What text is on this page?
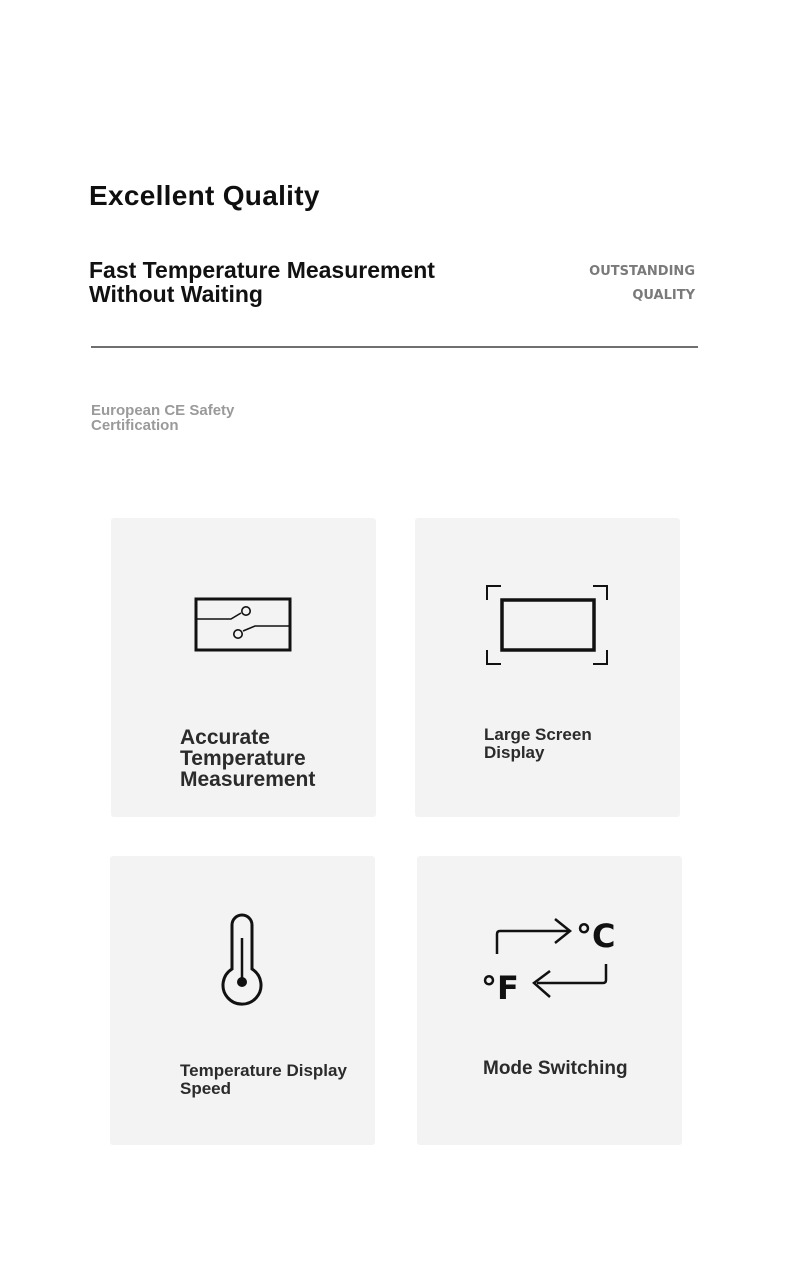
Excellent Quality
Fast Temperature Measurement
Without Waiting
OUTSTANDING
QUALITY

European CE Safety
Certification

Accurate Temperature
Measurement

Large Screen
Display

Temperature Display
Speed

°C
°F

Mode Switching
